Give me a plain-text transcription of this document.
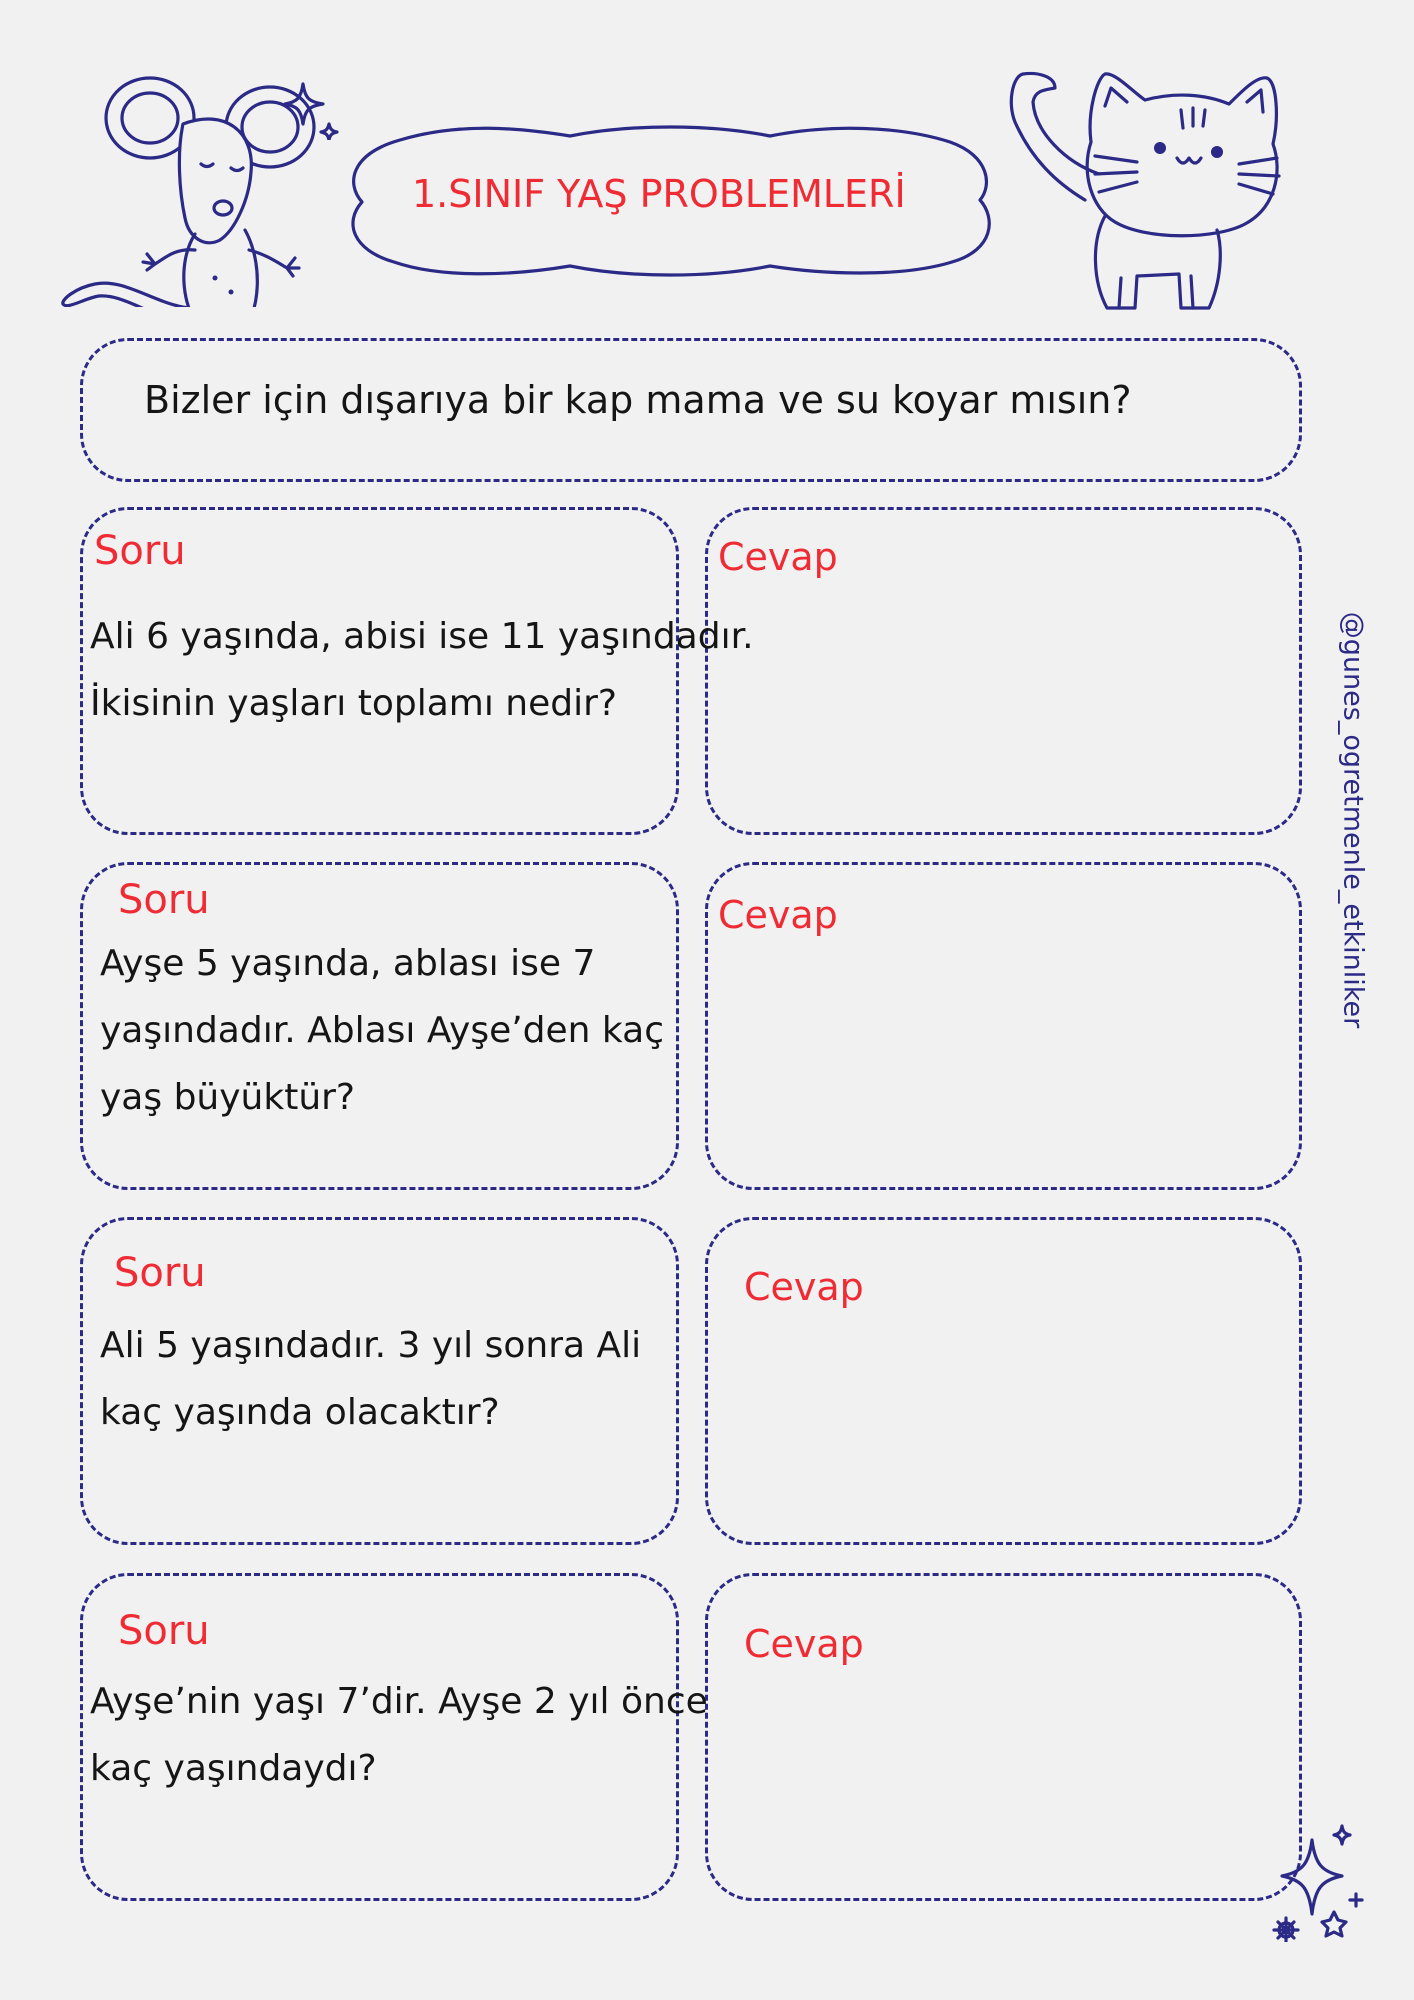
1.SINIF YAŞ PROBLEMLERİ
Bizler için dışarıya bir kap mama ve su koyar mısın?
Soru
Ali 6 yaşında, abisi ise 11 yaşındadır.
İkisinin yaşları toplamı nedir?
Cevap
Soru
Ayşe 5 yaşında, ablası ise 7
yaşındadır. Ablası Ayşe’den kaç
yaş büyüktür?
Cevap
Soru
Ali 5 yaşındadır. 3 yıl sonra Ali
kaç yaşında olacaktır?
Cevap
Soru
Ayşe’nin yaşı 7’dir. Ayşe 2 yıl önce
kaç yaşındaydı?
Cevap
@gunes_ogretmenle_etkinliker
